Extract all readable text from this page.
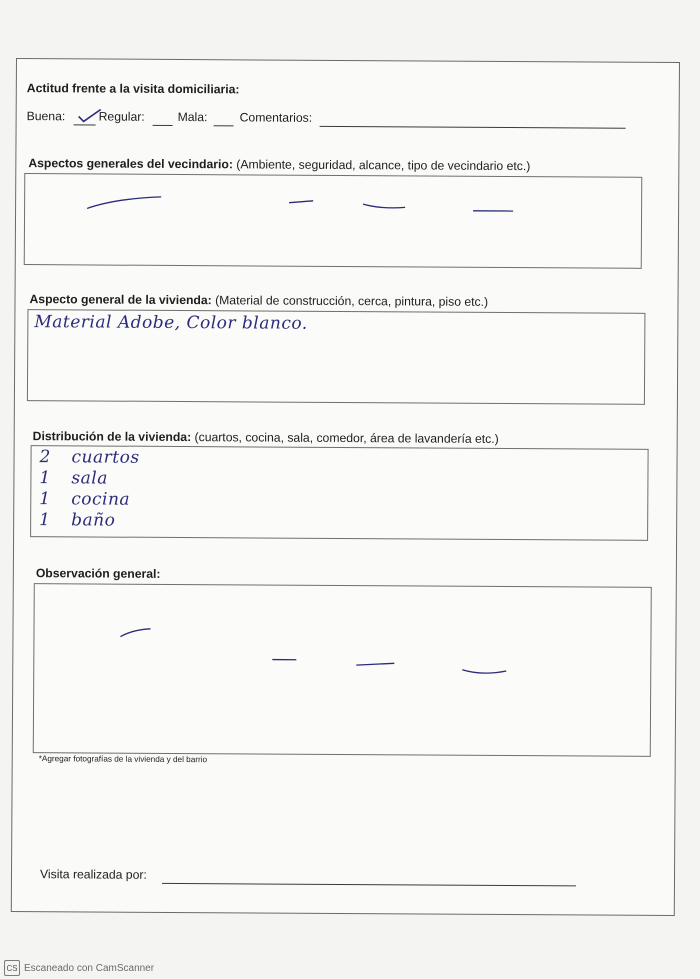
Actitud frente a la visita domiciliaria:
Buena:	Regular:	Mala:	Comentarios:
Aspectos generales del vecindario: (Ambiente, seguridad, alcance, tipo de vecindario etc.)
Aspecto general de la vivienda: (Material de construcción, cerca, pintura, piso etc.)
Material Adobe, Color blanco.
Distribución de la vivienda: (cuartos, cocina, sala, comedor, área de lavandería etc.)
2	cuartos
1	sala
1	cocina
1	baño
Observación general:
*Agregar fotografías de la vivienda y del barrio
Visita realizada por:
CS Escaneado con CamScanner
